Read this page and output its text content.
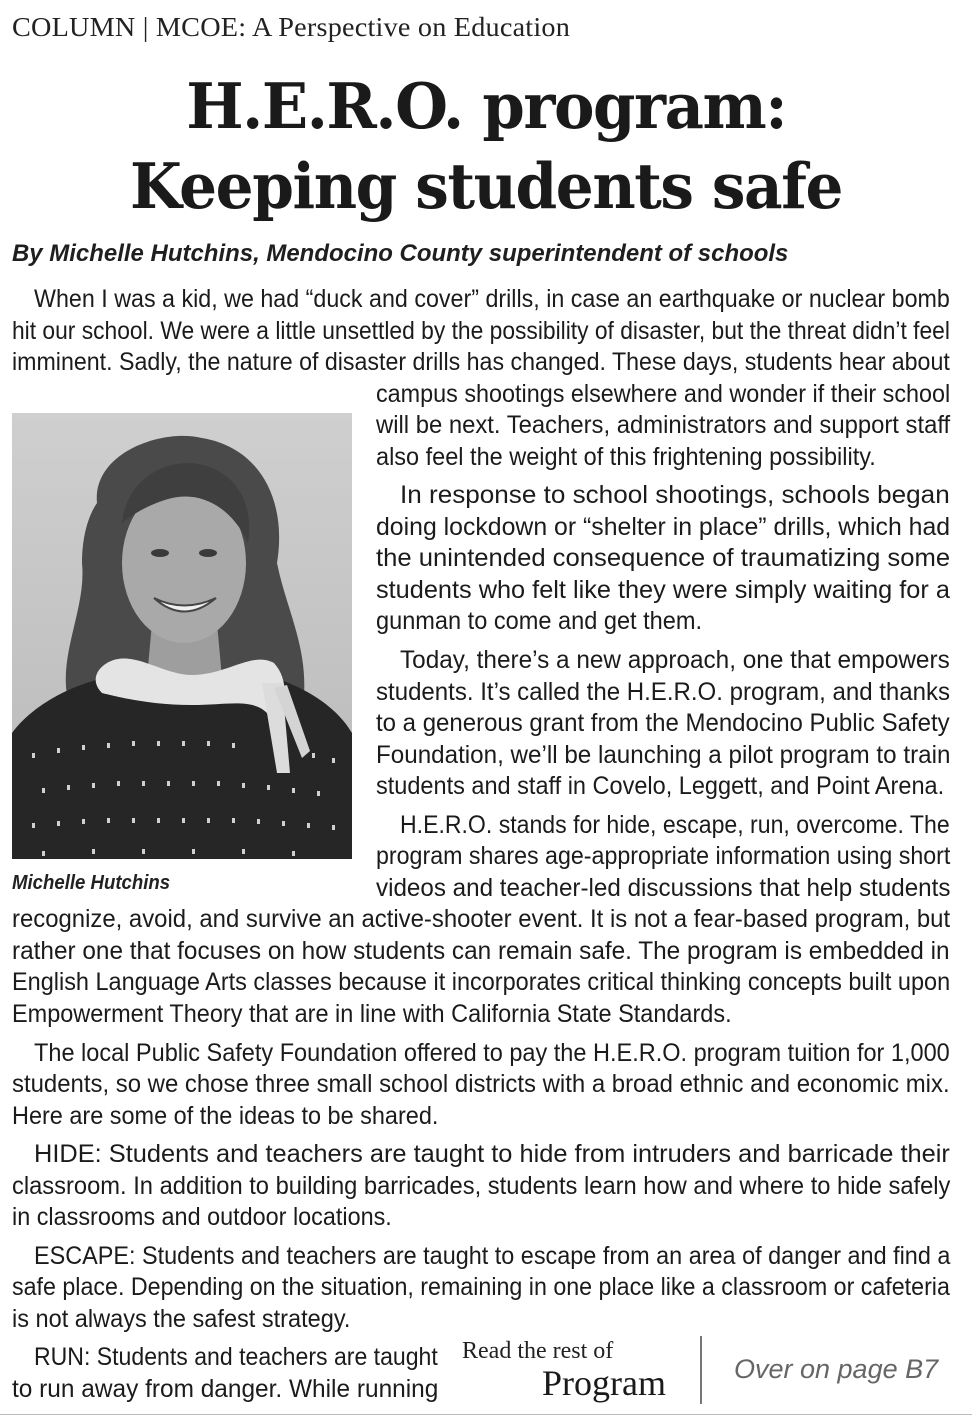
COLUMN | MCOE: A Perspective on Education
H.E.R.O. program:
Keeping students safe
By Michelle Hutchins, Mendocino County superintendent of schools
Michelle Hutchins
When I was a kid, we had “duck and cover” drills, in case an earthquake or nuclear bomb
hit our school. We were a little unsettled by the possibility of disaster, but the threat didn’t feel
imminent. Sadly, the nature of disaster drills has changed. These days, students hear about
campus shootings elsewhere and wonder if their school
will be next. Teachers, administrators and support staff
also feel the weight of this frightening possibility.
In response to school shootings, schools began
doing lockdown or “shelter in place” drills, which had
the unintended consequence of traumatizing some
students who felt like they were simply waiting for a
gunman to come and get them.
Today, there’s a new approach, one that empowers
students. It’s called the H.E.R.O. program, and thanks
to a generous grant from the Mendocino Public Safety
Foundation, we’ll be launching a pilot program to train
students and staff in Covelo, Leggett, and Point Arena.
H.E.R.O. stands for hide, escape, run, overcome. The
program shares age-appropriate information using short
videos and teacher-led discussions that help students
recognize, avoid, and survive an active-shooter event. It is not a fear-based program, but
rather one that focuses on how students can remain safe. The program is embedded in
English Language Arts classes because it incorporates critical thinking concepts built upon
Empowerment Theory that are in line with California State Standards.
The local Public Safety Foundation offered to pay the H.E.R.O. program tuition for 1,000
students, so we chose three small school districts with a broad ethnic and economic mix.
Here are some of the ideas to be shared.
HIDE: Students and teachers are taught to hide from intruders and barricade their
classroom. In addition to building barricades, students learn how and where to hide safely
in classrooms and outdoor locations.
ESCAPE: Students and teachers are taught to escape from an area of danger and find a
safe place. Depending on the situation, remaining in one place like a classroom or cafeteria
is not always the safest strategy.
RUN: Students and teachers are taught
to run away from danger. While running
Read the rest of
Program	Over on page B7
